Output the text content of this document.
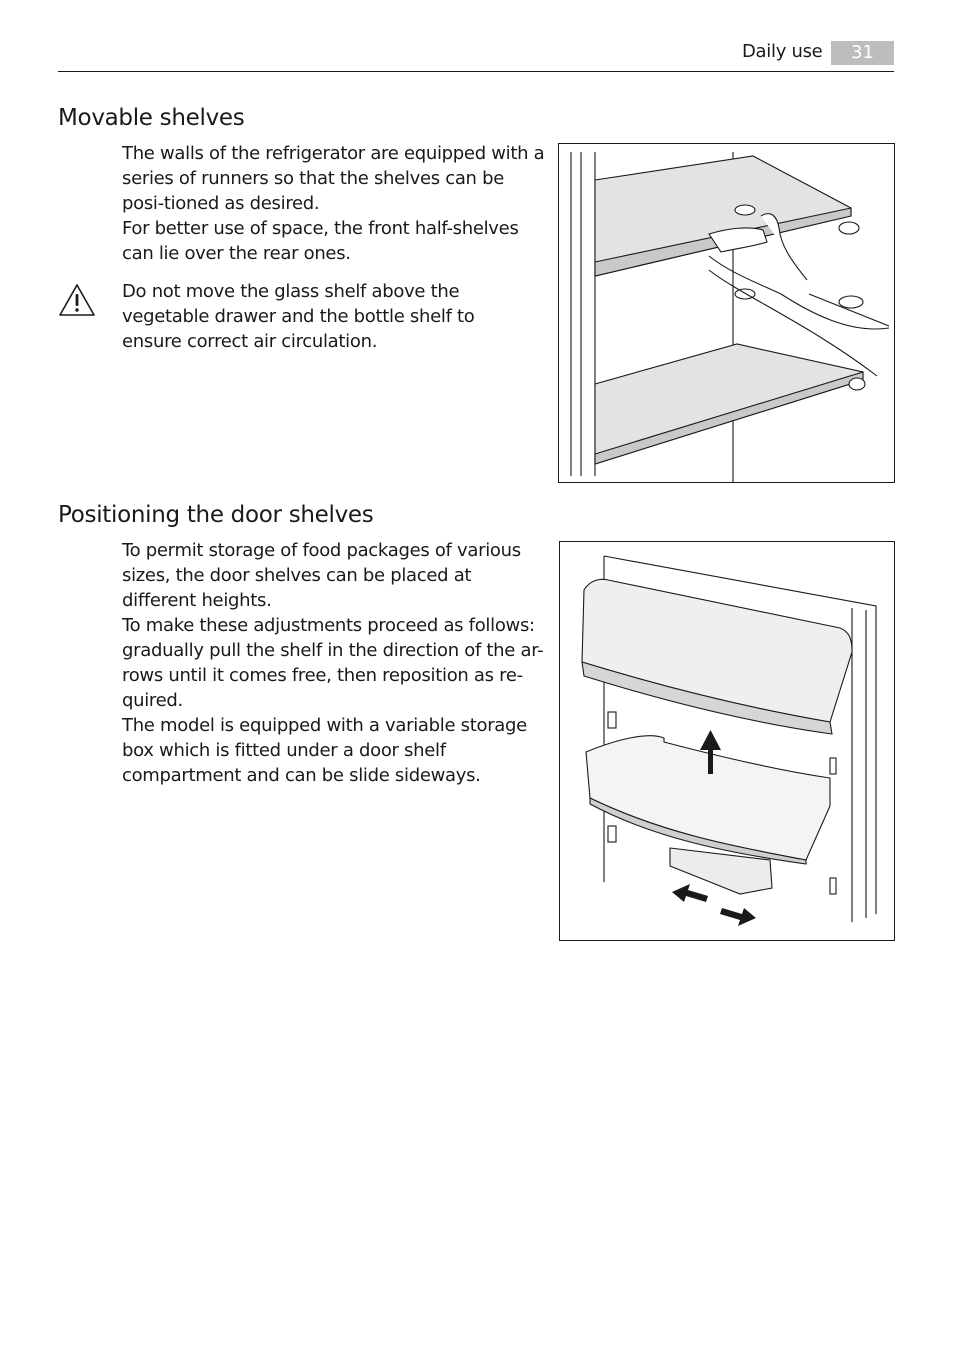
Daily use	31
Movable shelves

The walls of the refrigerator are equipped with a series of runners so that the shelves can be posi-tioned as desired.

For better use of space, the front half-shelves can lie over the rear ones.

Do not move the glass shelf above the vegetable drawer and the bottle shelf to ensure correct air circulation.
Positioning the door shelves

To permit storage of food packages of various sizes, the door shelves can be placed at different heights.

To make these adjustments proceed as follows: gradually pull the shelf in the direction of the ar-rows until it comes free, then reposition as re-quired.

The model is equipped with a variable storage box which is fitted under a door shelf compartment and can be slide sideways.
